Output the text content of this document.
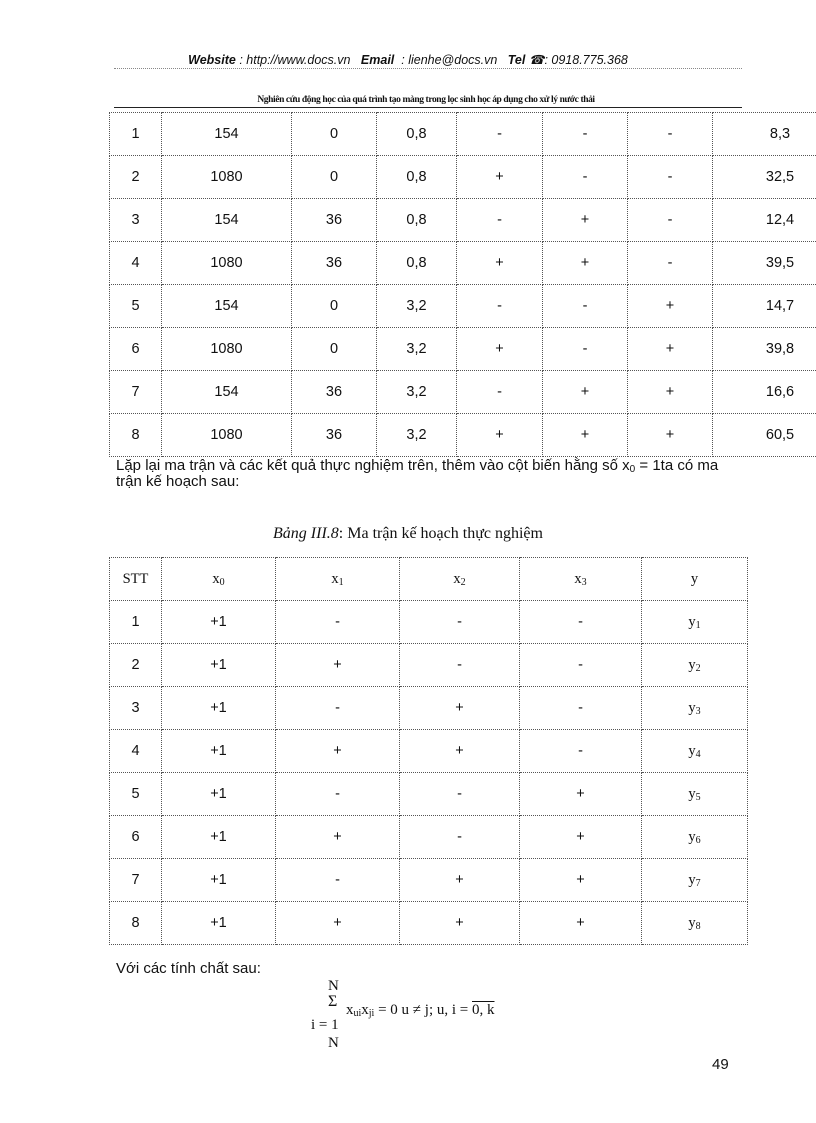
Website : http://www.docs.vn Email  : lienhe@docs.vn Tel ☎: 0918.775.368
Nghiên cứu động học của quá trình tạo màng trong lọc sinh học áp dụng cho xử lý nước thải
1	154	0	0,8	-	-	-	8,3
2	1080	0	0,8	+	-	-	32,5
3	154	36	0,8	-	+	-	12,4
4	1080	36	0,8	+	+	-	39,5
5	154	0	3,2	-	-	+	14,7
6	1080	0	3,2	+	-	+	39,8
7	154	36	3,2	-	+	+	16,6
8	1080	36	3,2	+	+	+	60,5
Lặp lại ma trận và các kết quả thực nghiệm trên, thêm vào cột biến hằng số $x_0 = 1ta$ có ma
trận kế hoạch sau:
Bảng III.8: Ma trận kế hoạch thực nghiệm
STT	$x_0$	$x_1$	$x_2$	$x_3$	y
1	+1	-	-	-	$y_1$
2	+1	+	-	-	$y_2$
3	+1	-	+	-	$y_3$
4	+1	+	+	-	$y_4$
5	+1	-	-	+	$y_5$
6	+1	+	-	+	$y_6$
7	+1	-	+	+	$y_7$
8	+1	+	+	+	$y_8$
Với các tính chất sau:
N
Σ $x_{ui}x_{ji} = 0$ u ≠ j; u, i = 0, k
i = 1
N
49
